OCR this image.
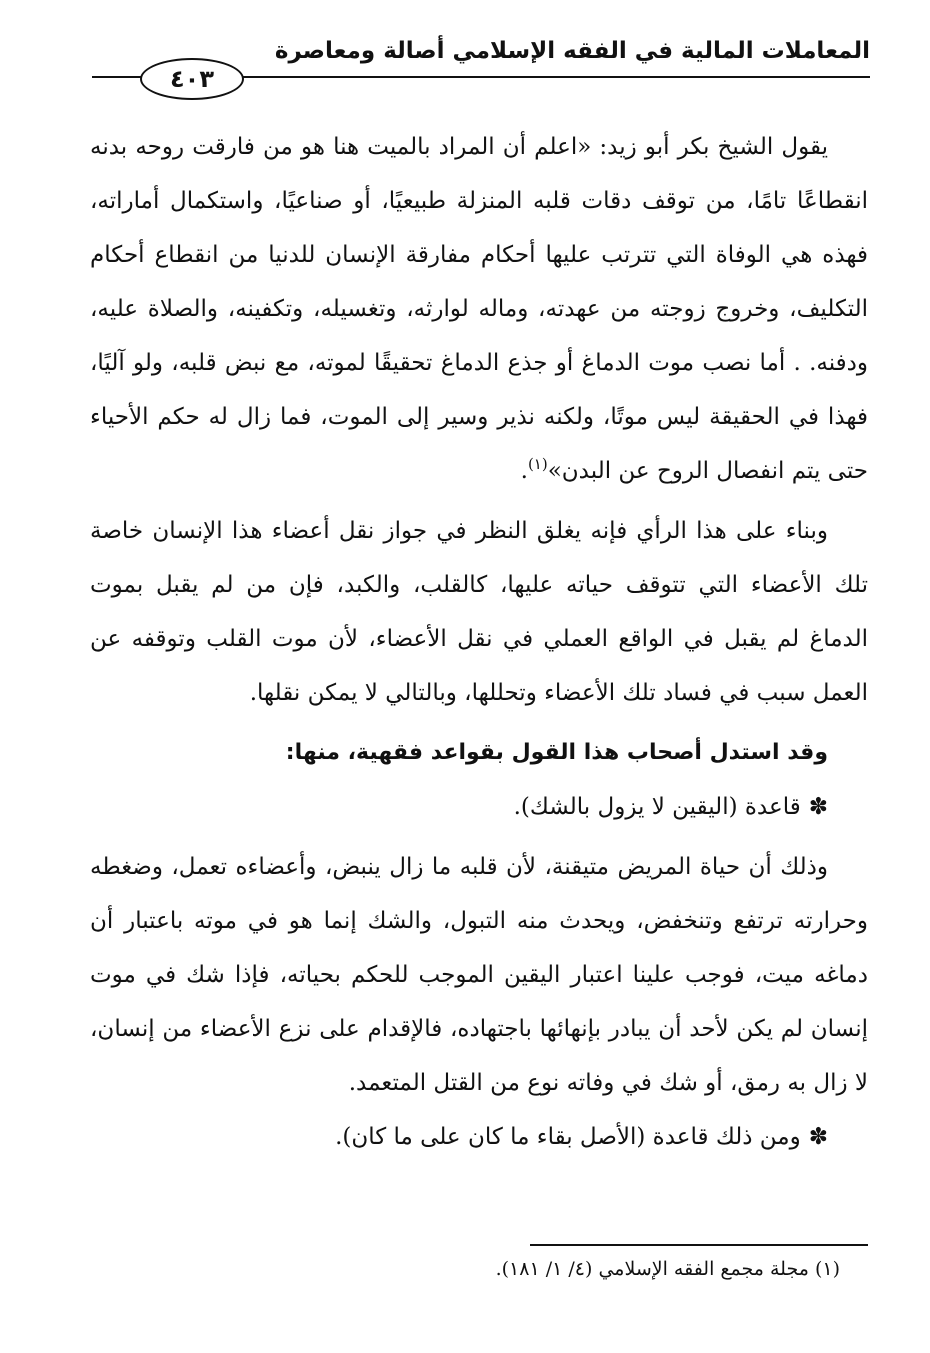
المعاملات المالية في الفقه الإسلامي أصالة ومعاصرة
٤٠٣

يقول الشيخ بكر أبو زيد: «اعلم أن المراد بالميت هنا هو من فارقت روحه بدنه انقطاعًا تامًا، من توقف دقات قلبه المنزلة طبيعيًا، أو صناعيًا، واستكمال أماراته، فهذه هي الوفاة التي تترتب عليها أحكام مفارقة الإنسان للدنيا من انقطاع أحكام التكليف، وخروج زوجته من عهدته، وماله لوارثه، وتغسيله، وتكفينه، والصلاة عليه، ودفنه. . أما نصب موت الدماغ أو جذع الدماغ تحقيقًا لموته، مع نبض قلبه، ولو آليًا، فهذا في الحقيقة ليس موتًا، ولكنه نذير وسير إلى الموت، فما زال له حكم الأحياء حتى يتم انفصال الروح عن البدن»$^{(١)}$.

وبناء على هذا الرأي فإنه يغلق النظر في جواز نقل أعضاء هذا الإنسان خاصة تلك الأعضاء التي تتوقف حياته عليها، كالقلب، والكبد، فإن من لم يقبل بموت الدماغ لم يقبل في الواقع العملي في نقل الأعضاء، لأن موت القلب وتوقفه عن العمل سبب في فساد تلك الأعضاء وتحللها، وبالتالي لا يمكن نقلها.

وقد استدل أصحاب هذا القول بقواعد فقهية، منها:

✽قاعدة (اليقين لا يزول بالشك).

وذلك أن حياة المريض متيقنة، لأن قلبه ما زال ينبض، وأعضاءه تعمل، وضغطه وحرارته ترتفع وتنخفض، ويحدث منه التبول، والشك إنما هو في موته باعتبار أن دماغه ميت، فوجب علينا اعتبار اليقين الموجب للحكم بحياته، فإذا شك في موت إنسان لم يكن لأحد أن يبادر بإنهائها باجتهاده، فالإقدام على نزع الأعضاء من إنسان، لا زال به رمق، أو شك في وفاته نوع من القتل المتعمد.

✽ومن ذلك قاعدة (الأصل بقاء ما كان على ما كان).

(١) مجلة مجمع الفقه الإسلامي (٤/ ١/ ١٨١).
